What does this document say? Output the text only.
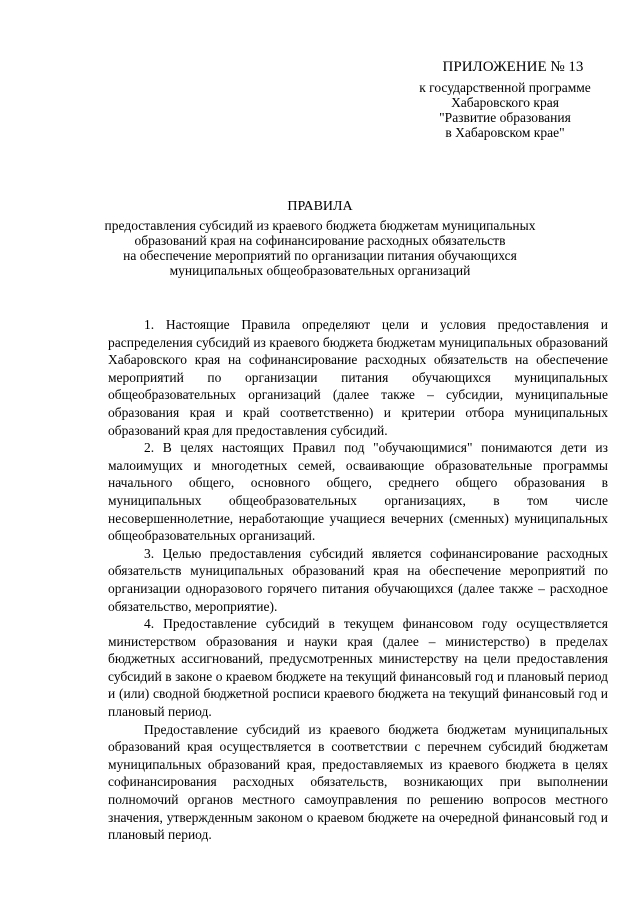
ПРИЛОЖЕНИЕ № 13
к государственной программе
Хабаровского края
"Развитие образования
в Хабаровском крае"
ПРАВИЛА
предоставления субсидий из краевого бюджета бюджетам муниципальных
образований края на софинансирование расходных обязательств
на обеспечение мероприятий по организации питания обучающихся
муниципальных общеобразовательных организаций

1. Настоящие Правила определяют цели и условия предоставления и распределения субсидий из краевого бюджета бюджетам муниципальных образований Хабаровского края на софинансирование расходных обязательств на обеспечение мероприятий по организации питания обучающихся муниципальных общеобразовательных организаций (далее также – субсидии, муниципальные образования края и край соответственно) и критерии отбора муниципальных образований края для предоставления субсидий.

2. В целях настоящих Правил под "обучающимися" понимаются дети из малоимущих и многодетных семей, осваивающие образовательные программы начального общего, основного общего, среднего общего образования в муниципальных общеобразовательных организациях, в том числе несовершеннолетние, неработающие учащиеся вечерних (сменных) муниципальных общеобразовательных организаций.

3. Целью предоставления субсидий является софинансирование расходных обязательств муниципальных образований края на обеспечение мероприятий по организации одноразового горячего питания обучающихся (далее также – расходное обязательство, мероприятие).

4. Предоставление субсидий в текущем финансовом году осуществляется министерством образования и науки края (далее – министерство) в пределах бюджетных ассигнований, предусмотренных министерству на цели предоставления субсидий в законе о краевом бюджете на текущий финансовый год и плановый период и (или) сводной бюджетной росписи краевого бюджета на текущий финансовый год и плановый период.

Предоставление субсидий из краевого бюджета бюджетам муниципальных образований края осуществляется в соответствии с перечнем субсидий бюджетам муниципальных образований края, предоставляемых из краевого бюджета в целях софинансирования расходных обязательств, возникающих при выполнении полномочий органов местного самоуправления по решению вопросов местного значения, утвержденным законом о краевом бюджете на очередной финансовый год и плановый период.
